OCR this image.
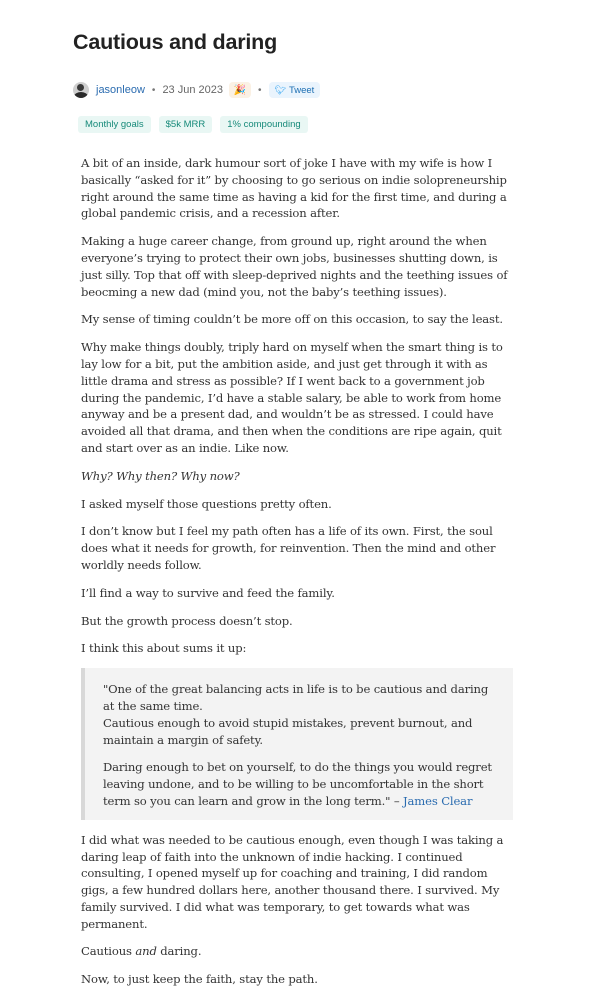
Cautious and daring
jasonleow • 23 Jun 2023	🎉	• 🐦︎ Tweet
Monthly goals	$5k MRR	1% compounding

A bit of an inside, dark humour sort of joke I have with my wife is how I basically “asked for it” by choosing to go serious on indie solopreneurship right around the same time as having a kid for the first time, and during a global pandemic crisis, and a recession after.

Making a huge career change, from ground up, right around the when everyone’s trying to protect their own jobs, businesses shutting down, is just silly. Top that off with sleep-deprived nights and the teething issues of beocming a new dad (mind you, not the baby’s teething issues).

My sense of timing couldn’t be more off on this occasion, to say the least.

Why make things doubly, triply hard on myself when the smart thing is to lay low for a bit, put the ambition aside, and just get through it with as little drama and stress as possible? If I went back to a government job during the pandemic, I’d have a stable salary, be able to work from home anyway and be a present dad, and wouldn’t be as stressed. I could have avoided all that drama, and then when the conditions are ripe again, quit and start over as an indie. Like now.

Why? Why then? Why now?

I asked myself those questions pretty often.

I don’t know but I feel my path often has a life of its own. First, the soul does what it needs for growth, for reinvention. Then the mind and other worldly needs follow.

I’ll find a way to survive and feed the family.

But the growth process doesn’t stop.

I think this about sums it up:

"One of the great balancing acts in life is to be cautious and daring at the same time.
Cautious enough to avoid stupid mistakes, prevent burnout, and maintain a margin of safety.

Daring enough to bet on yourself, to do the things you would regret leaving undone, and to be willing to be uncomfortable in the short term so you can learn and grow in the long term." – James Clear

I did what was needed to be cautious enough, even though I was taking a daring leap of faith into the unknown of indie hacking. I continued consulting, I opened myself up for coaching and training, I did random gigs, a few hundred dollars here, another thousand there. I survived. My family survived. I did what was temporary, to get towards what was permanent.

Cautious and daring.

Now, to just keep the faith, stay the path.
